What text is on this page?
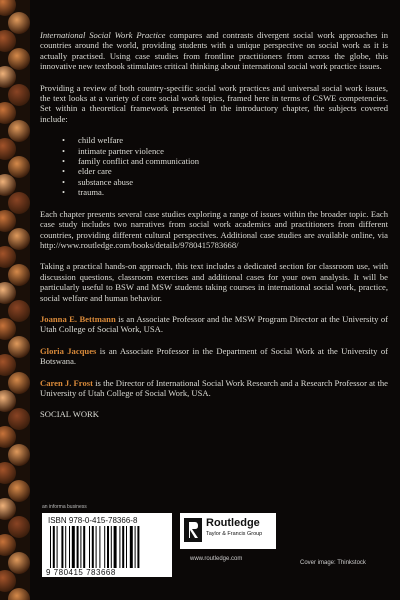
International Social Work Practice compares and contrasts divergent social work approaches in countries around the world, providing students with a unique perspective on social work as it is actually practised. Using case studies from frontline practitioners from across the globe, this innovative new textbook stimulates critical thinking about international social work practice issues.

Providing a review of both country-specific social work practices and universal social work issues, the text looks at a variety of core social work topics, framed here in terms of CSWE competencies. Set within a theoretical framework presented in the introductory chapter, the subjects covered include:

• child welfare
• intimate partner violence
• family conflict and communication
• elder care
• substance abuse
• trauma.

Each chapter presents several case studies exploring a range of issues within the broader topic. Each case study includes two narratives from social work academics and practitioners from different countries, providing different cultural perspectives. Additional case studies are available online, via http://www.routledge.com/books/details/9780415783668/

Taking a practical hands-on approach, this text includes a dedicated section for classroom use, with discussion questions, classroom exercises and additional cases for your own analysis. It will be particularly useful to BSW and MSW students taking courses in international social work, practice, social welfare and human behavior.

Joanna E. Bettmann is an Associate Professor and the MSW Program Director at the University of Utah College of Social Work, USA.

Gloria Jacques is an Associate Professor in the Department of Social Work at the University of Botswana.

Caren J. Frost is the Director of International Social Work Research and a Research Professor at the University of Utah College of Social Work, USA.

SOCIAL WORK

an informa business
ISBN 978-0-415-78366-8
9 780415 783668
Routledge
Taylor & Francis Group
www.routledge.com
Cover image: Thinkstock
